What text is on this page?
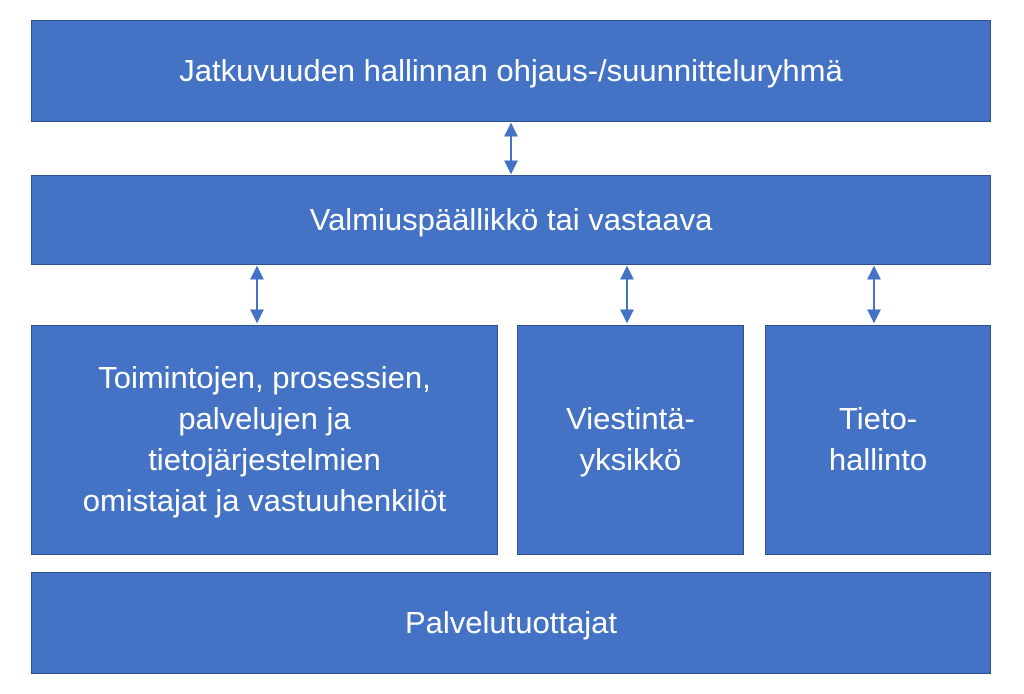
Jatkuvuuden hallinnan ohjaus-/suunnitteluryhmä
Valmiuspäällikkö tai vastaava
Toimintojen, prosessien,
palvelujen ja
tietojärjestelmien
omistajat ja vastuuhenkilöt
Viestintä-
yksikkö
Tieto-
hallinto
Palvelutuottajat
